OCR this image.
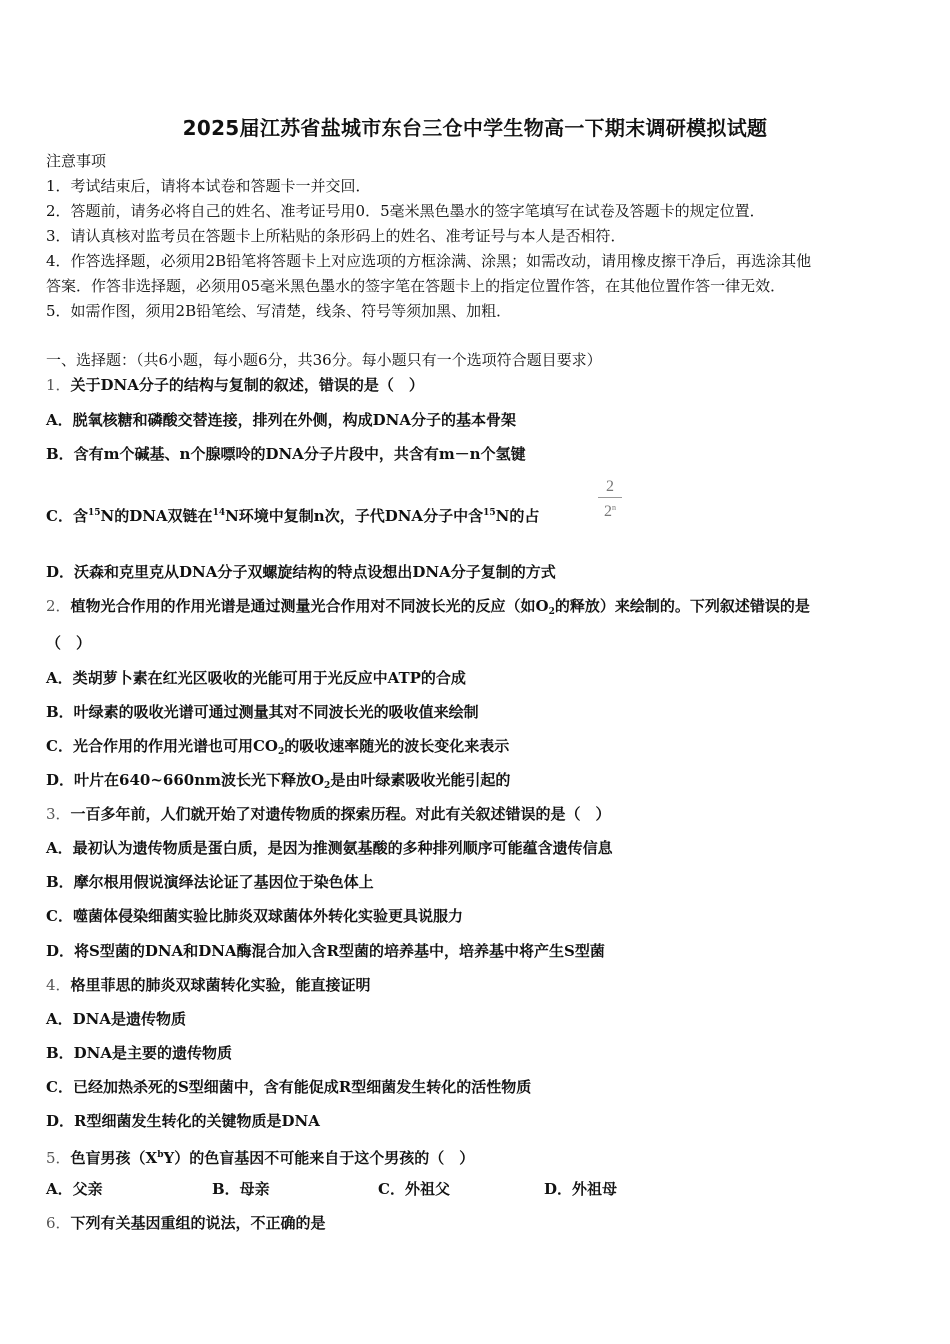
2025届江苏省盐城市东台三仓中学生物高一下期末调研模拟试题
注意事项
1．考试结束后，请将本试卷和答题卡一并交回．
2．答题前，请务必将自己的姓名、准考证号用0．5毫米黑色墨水的签字笔填写在试卷及答题卡的规定位置．
3．请认真核对监考员在答题卡上所粘贴的条形码上的姓名、准考证号与本人是否相符．
4．作答选择题，必须用2B铅笔将答题卡上对应选项的方框涂满、涂黑；如需改动，请用橡皮擦干净后，再选涂其他
答案．作答非选择题，必须用05毫米黑色墨水的签字笔在答题卡上的指定位置作答，在其他位置作答一律无效．
5．如需作图，须用2B铅笔绘、写清楚，线条、符号等须加黑、加粗．
一、选择题：（共6小题，每小题6分，共36分。每小题只有一个选项符合题目要求）
1．关于DNA分子的结构与复制的叙述，错误的是（　）
A．脱氧核糖和磷酸交替连接，排列在外侧，构成DNA分子的基本骨架
B．含有m个碱基、n个腺嘌呤的DNA分子片段中，共含有m－n个氢键
C．含$^{15}$N的DNA双链在$^{14}$N环境中复制n次，子代DNA分子中含$^{15}$N的占
2
2$^n$
D．沃森和克里克从DNA分子双螺旋结构的特点设想出DNA分子复制的方式
2．植物光合作用的作用光谱是通过测量光合作用对不同波长光的反应（如$O_2$的释放）来绘制的。下列叙述错误的是
（　）
A．类胡萝卜素在红光区吸收的光能可用于光反应中ATP的合成
B．叶绿素的吸收光谱可通过测量其对不同波长光的吸收值来绘制
C．光合作用的作用光谱也可用$CO_2$的吸收速率随光的波长变化来表示
D．叶片在640~660nm波长光下释放$O_2$是由叶绿素吸收光能引起的
3．一百多年前，人们就开始了对遗传物质的探索历程。对此有关叙述错误的是（　）
A．最初认为遗传物质是蛋白质，是因为推测氨基酸的多种排列顺序可能蕴含遗传信息
B．摩尔根用假说演绎法论证了基因位于染色体上
C．噬菌体侵染细菌实验比肺炎双球菌体外转化实验更具说服力
D．将S型菌的DNA和DNA酶混合加入含R型菌的培养基中，培养基中将产生S型菌
4．格里菲思的肺炎双球菌转化实验，能直接证明
A．DNA是遗传物质
B．DNA是主要的遗传物质
C．已经加热杀死的S型细菌中，含有能促成R型细菌发生转化的活性物质
D．R型细菌发生转化的关键物质是DNA
5．色盲男孩$(X^bY)$的色盲基因不可能来自于这个男孩的（　）
A．父亲	B．母亲	C．外祖父	D．外祖母
6．下列有关基因重组的说法，不正确的是
